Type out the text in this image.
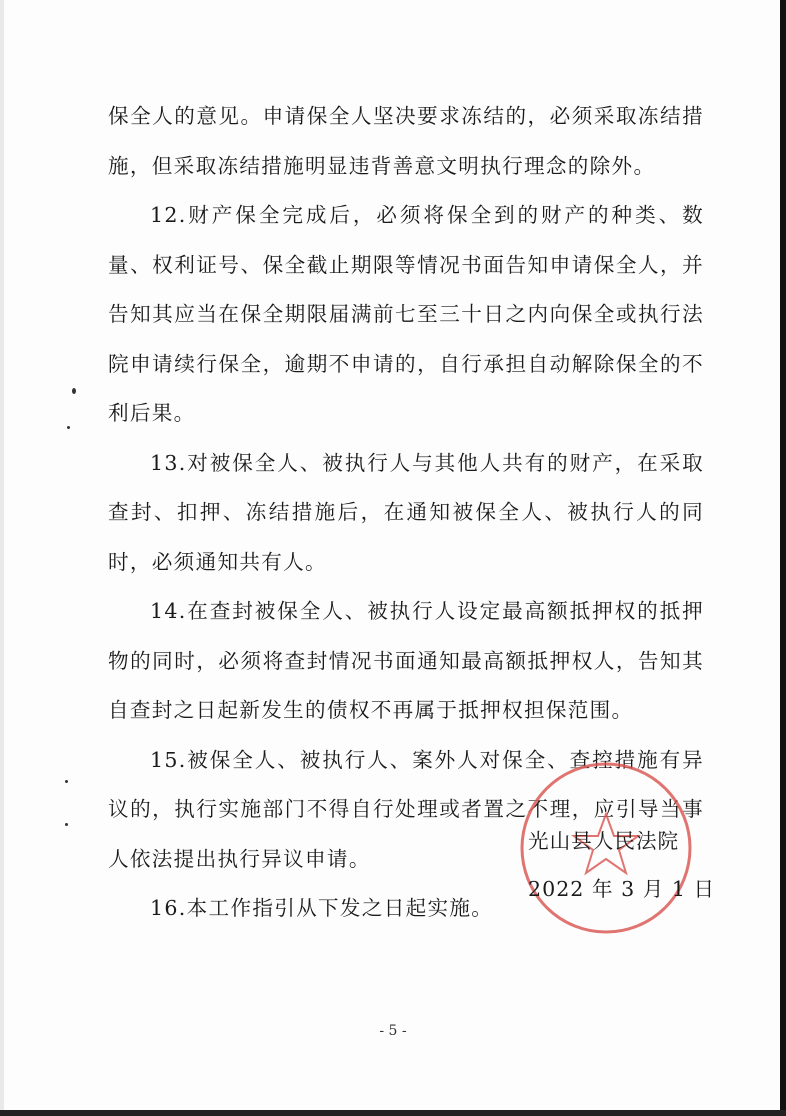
保全人的意见。申请保全人坚决要求冻结的，必须采取冻结措施，但采取冻结措施明显违背善意文明执行理念的除外。

12.财产保全完成后，必须将保全到的财产的种类、数量、权利证号、保全截止期限等情况书面告知申请保全人，并告知其应当在保全期限届满前七至三十日之内向保全或执行法院申请续行保全，逾期不申请的，自行承担自动解除保全的不利后果。

13.对被保全人、被执行人与其他人共有的财产，在采取查封、扣押、冻结措施后，在通知被保全人、被执行人的同时，必须通知共有人。

14.在查封被保全人、被执行人设定最高额抵押权的抵押物的同时，必须将查封情况书面通知最高额抵押权人，告知其自查封之日起新发生的债权不再属于抵押权担保范围。

15.被保全人、被执行人、案外人对保全、查控措施有异议的，执行实施部门不得自行处理或者置之不理，应引导当事人依法提出执行异议申请。

16.本工作指引从下发之日起实施。

光山县人民法院
2022 年 3 月 1 日
- 5 -
